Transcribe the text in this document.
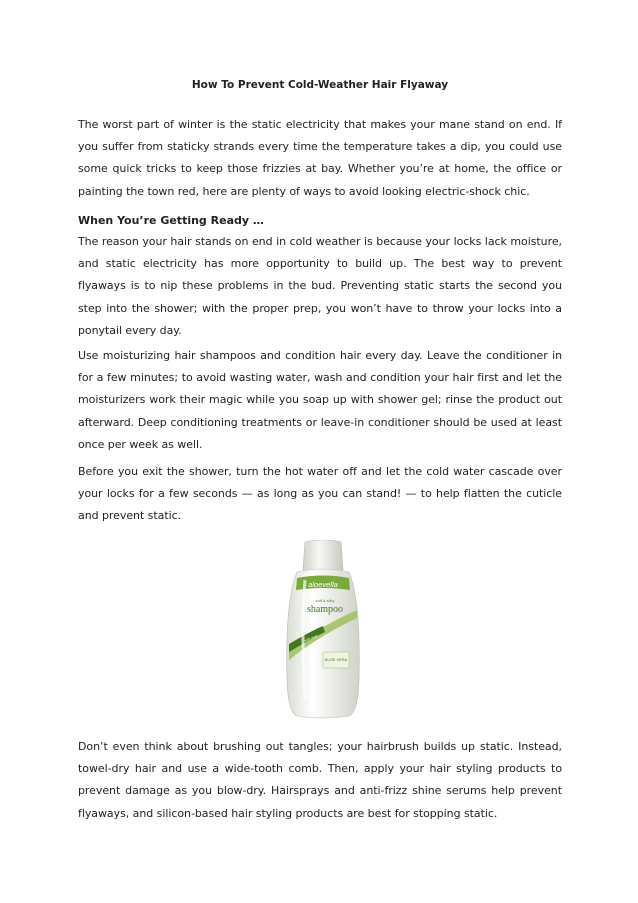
How To Prevent Cold-Weather Hair Flyaway

The worst part of winter is the static electricity that makes your mane stand on end. If you suffer from staticky strands every time the temperature takes a dip, you could use some quick tricks to keep those frizzies at bay. Whether you’re at home, the office or painting the town red, here are plenty of ways to avoid looking electric-shock chic.

When You’re Getting Ready …

The reason your hair stands on end in cold weather is because your locks lack moisture, and static electricity has more opportunity to build up. The best way to prevent flyaways is to nip these problems in the bud. Preventing static starts the second you step into the shower; with the proper prep, you won’t have to throw your locks into a ponytail every day.

Use moisturizing hair shampoos and condition hair every day. Leave the conditioner in for a few minutes; to avoid wasting water, wash and condition your hair first and let the moisturizers work their magic while you soap up with shower gel; rinse the product out afterward. Deep conditioning treatments or leave-in conditioner should be used at least once per week as well.

Before you exit the shower, turn the hot water off and let the cold water cascade over your locks for a few seconds — as long as you can stand! — to help flatten the cuticle and prevent static.

aloevella
soft & silky
shampoo
with aloe
ALOE VERA

Don’t even think about brushing out tangles; your hairbrush builds up static. Instead, towel-dry hair and use a wide-tooth comb. Then, apply your hair styling products to prevent damage as you blow-dry. Hairsprays and anti-frizz shine serums help prevent flyaways, and silicon-based hair styling products are best for stopping static.
